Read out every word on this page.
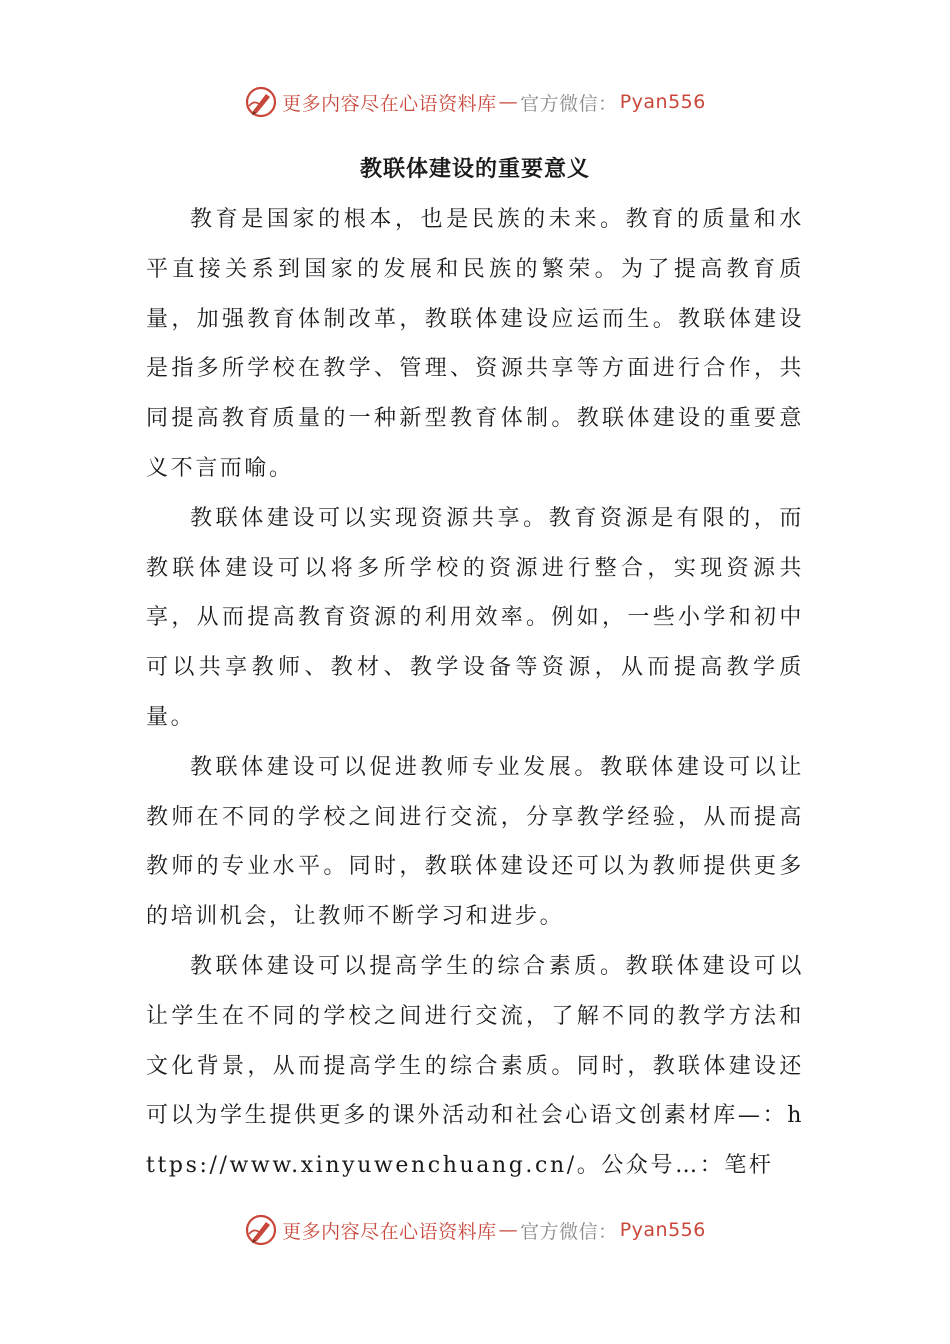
更多内容尽在心语资料库 — 官方微信： Pyan556
教联体建设的重要意义

教育是国家的根本，也是民族的未来。教育的质量和水平直接关系到国家的发展和民族的繁荣。为了提高教育质量，加强教育体制改革，教联体建设应运而生。教联体建设是指多所学校在教学、管理、资源共享等方面进行合作，共同提高教育质量的一种新型教育体制。教联体建设的重要意义不言而喻。

教联体建设可以实现资源共享。教育资源是有限的，而教联体建设可以将多所学校的资源进行整合，实现资源共享，从而提高教育资源的利用效率。例如，一些小学和初中可以共享教师、教材、教学设备等资源，从而提高教学质量。

教联体建设可以促进教师专业发展。教联体建设可以让教师在不同的学校之间进行交流，分享教学经验，从而提高教师的专业水平。同时，教联体建设还可以为教师提供更多的培训机会，让教师不断学习和进步。

教联体建设可以提高学生的综合素质。教联体建设可以让学生在不同的学校之间进行交流，了解不同的教学方法和文化背景，从而提高学生的综合素质。同时，教联体建设还可以为学生提供更多的课外活动和社会心语文创素材库—：https://www.xinyuwenchuang.cn/。公众号…：笔杆

更多内容尽在心语资料库 — 官方微信： Pyan556
